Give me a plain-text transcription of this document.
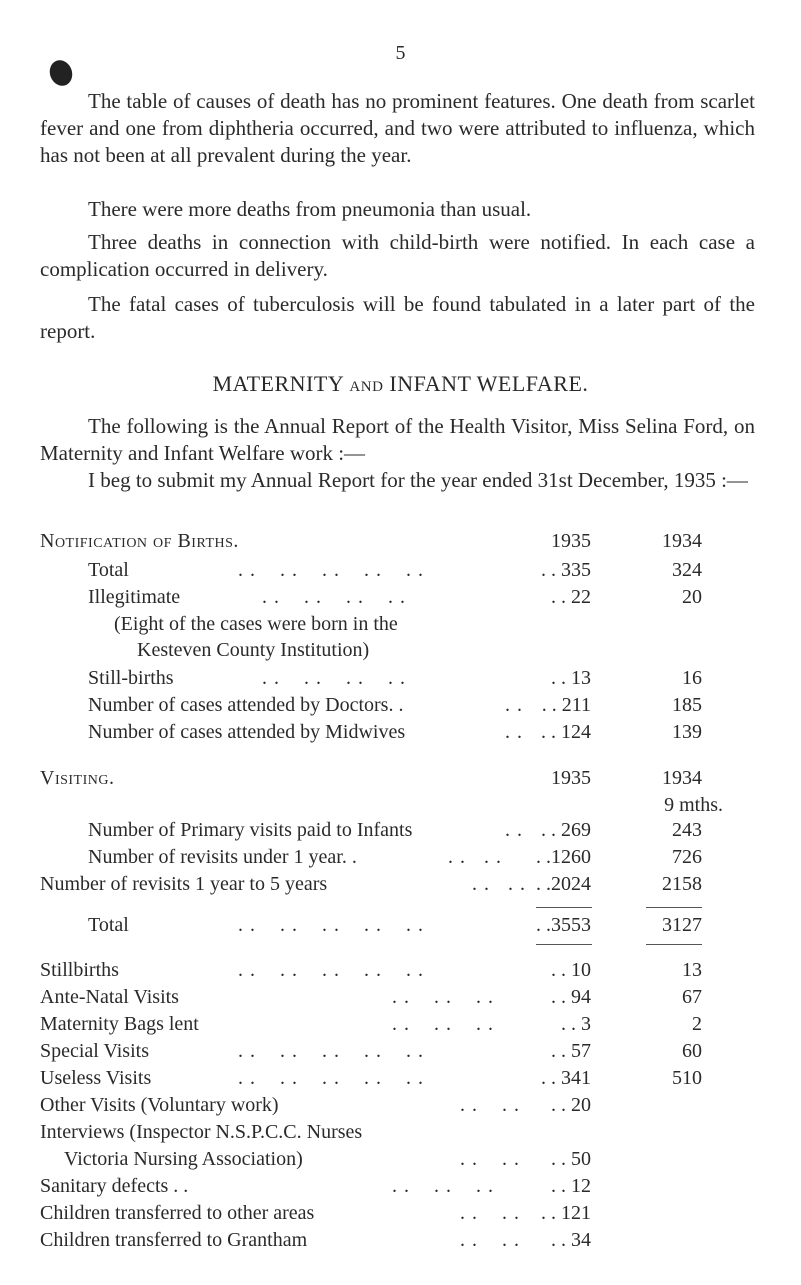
5
The table of causes of death has no prominent features. One death from scarlet fever and one from diphtheria occurred, and two were attributed to influenza, which has not been at all prevalent during the year.
There were more deaths from pneumonia than usual.
Three deaths in connection with child-birth were notified. In each case a complication occurred in delivery.
The fatal cases of tuberculosis will be found tabulated in a later part of the report.
MATERNITY AND INFANT WELFARE.
The following is the Annual Report of the Health Visitor, Miss Selina Ford, on Maternity and Infant Welfare work :—
I beg to submit my Annual Report for the year ended 31st December, 1935 :—
Notification of Births.	1935	1934
Total	. .    . .    . .    . .    . .	. . 335	324
Illegitimate	. .    . .    . .    . .	. . 22	20
(Eight of the cases were born in the
Kesteven County Institution)
Still-births	. .    . .    . .    . .	. . 13	16
Number of cases attended by Doctors. .	. . . . 211	185
Number of cases attended by Midwives	. . . . 124	139
Visiting.	1935	1934
9 mths.
Number of Primary visits paid to Infants	. . . . 269	243
Number of revisits under 1 year. .	. .   . . . .1260	726
Number of revisits 1 year to 5 years	. .   . . . .2024	2158
Total	. .    . .    . .    . .    . .	. .3553	3127
Stillbirths	. .    . .    . .    . .    . .	. . 10	13
Ante-Natal Visits	. .    . .    . .	. . 94	67
Maternity Bags lent	. .    . .    . .	. . 3	2
Special Visits	. .    . .    . .    . .    . .	. . 57	60
Useless Visits	. .    . .    . .    . .    . .	. . 341	510
Other Visits (Voluntary work)	. .    . . . . 20
Interviews (Inspector N.S.P.C.C. Nurses
Victoria Nursing Association)	. .    . . . . 50
Sanitary defects . .	. .    . .    . .	. . 12
Children transferred to other areas	. .    . . . . 121
Children transferred to Grantham	. .    . . . . 34
